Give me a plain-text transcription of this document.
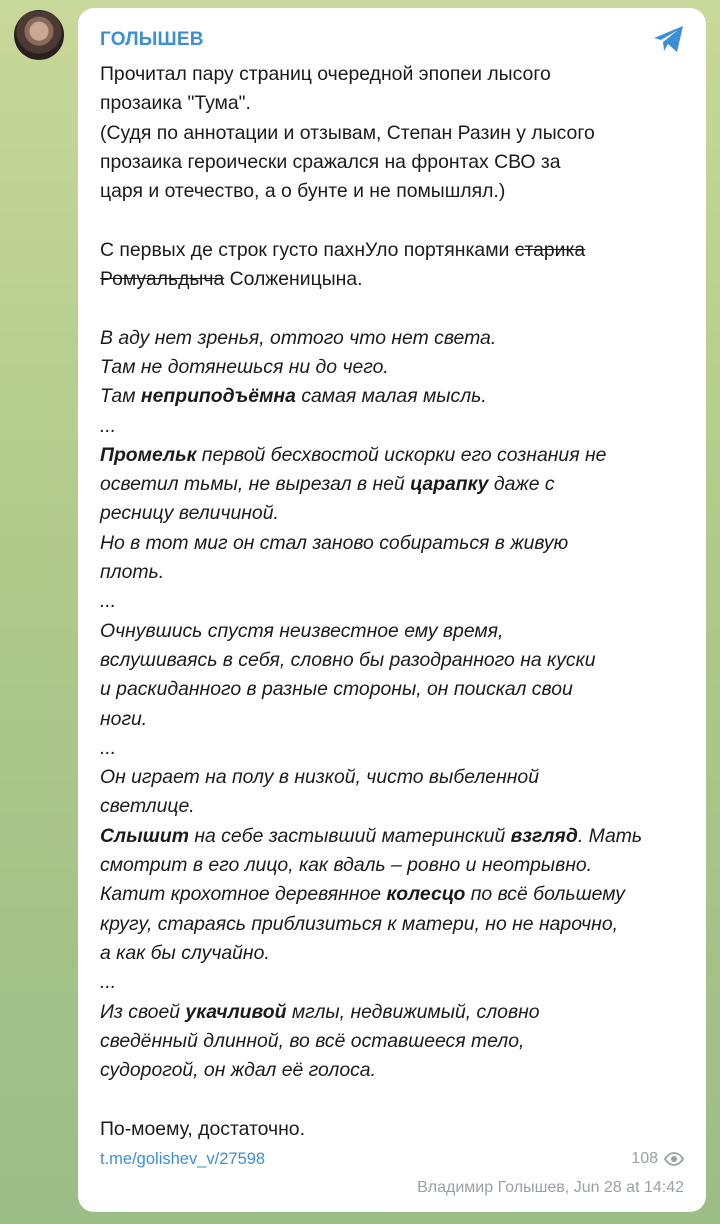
ГОЛЫШЕВ

Прочитал пару страниц очередной эпопеи лысого

прозаика "Тума".

(Судя по аннотации и отзывам, Степан Разин у лысого

прозаика героически сражался на фронтах СВО за

царя и отечество, а о бунте и не помышлял.)

С первых де строк густо пахнУло портянками старика

Ромуальдыча Солженицына.

В аду нет зренья, оттого что нет света.

Там не дотянешься ни до чего.

Там неприподъёмна самая малая мысль.

...

Промельк первой бесхвостой искорки его сознания не

осветил тьмы, не вырезал в ней царапку даже с

ресницу величиной.

Но в тот миг он стал заново собираться в живую

плоть.

...

Очнувшись спустя неизвестное ему время,

вслушиваясь в себя, словно бы разодранного на куски

и раскиданного в разные стороны, он поискал свои

ноги.

...

Он играет на полу в низкой, чисто выбеленной

светлице.

Слышит на себе застывший материнский взгляд. Мать

смотрит в его лицо, как вдаль – ровно и неотрывно.

Катит крохотное деревянное колесцо по всё большему

кругу, стараясь приблизиться к матери, но не нарочно,

а как бы случайно.

...

Из своей укачливой мглы, недвижимый, словно

сведённый длинной, во всё оставшееся тело,

судорогой, он ждал её голоса.

По-моему, достаточно.

t.me/golishev_v/27598	108
Владимир Голышев, Jun 28 at 14:42
